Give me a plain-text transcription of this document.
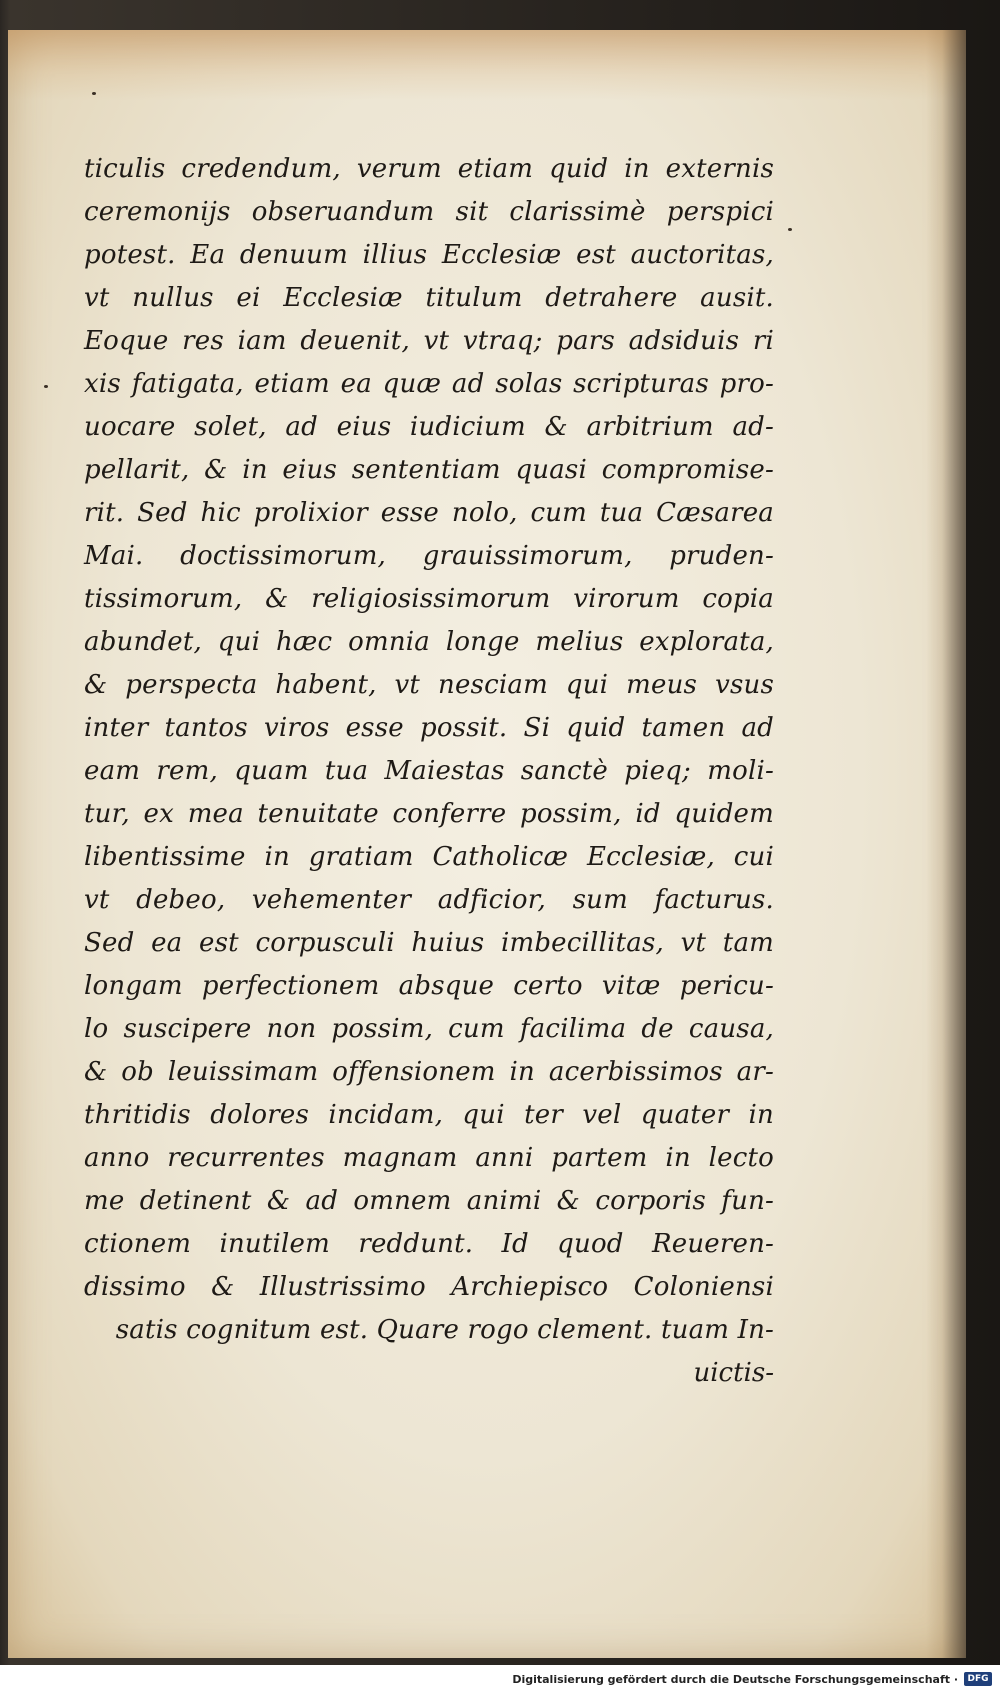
ticulis credendum, verum etiam quid in externis
ceremonijs obseruandum sit clarissimè perspici
potest. Ea denuum illius Ecclesiæ est auctoritas,
vt nullus ei Ecclesiæ titulum detrahere ausit.
Eoque res iam deuenit, vt vtraq; pars adsiduis ri
xis fatigata, etiam ea quæ ad solas scripturas pro-
uocare solet, ad eius iudicium & arbitrium ad-
pellarit, & in eius sententiam quasi compromise-
rit. Sed hic prolixior esse nolo, cum tua Cæsarea
Mai. doctissimorum, grauissimorum, pruden-
tissimorum, & religiosissimorum virorum copia
abundet, qui hæc omnia longe melius explorata,
& perspecta habent, vt nesciam qui meus vsus
inter tantos viros esse possit. Si quid tamen ad
eam rem, quam tua Maiestas sanctè pieq; moli-
tur, ex mea tenuitate conferre possim, id quidem
libentissime in gratiam Catholicæ Ecclesiæ, cui
vt debeo, vehementer adficior, sum facturus.
Sed ea est corpusculi huius imbecillitas, vt tam
longam perfectionem absque certo vitæ pericu-
lo suscipere non possim, cum facilima de causa,
& ob leuissimam offensionem in acerbissimos ar-
thritidis dolores incidam, qui ter vel quater in
anno recurrentes magnam anni partem in lecto
me detinent & ad omnem animi & corporis fun-
ctionem inutilem reddunt. Id quod Reueren-
dissimo & Illustrissimo Archiepisco Coloniensi
satis cognitum est. Quare rogo clement. tuam In-
uictis-
Digitalisierung gefördert durch die Deutsche Forschungsgemeinschaft ·	DFG
